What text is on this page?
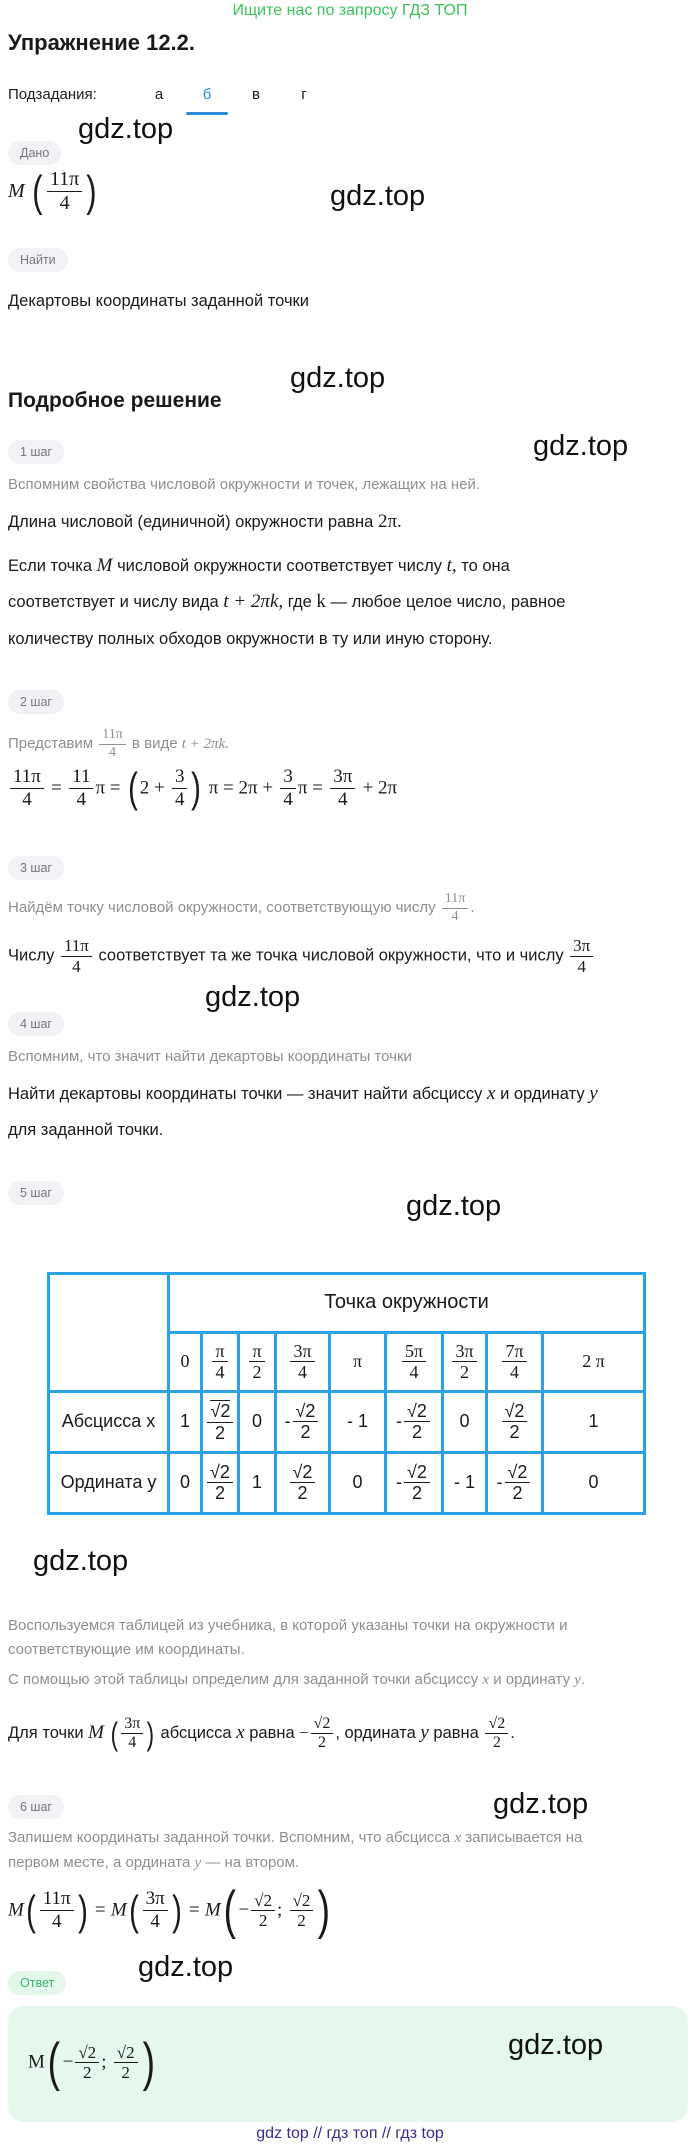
Ищите нас по запросу ГДЗ ТОП
Упражнение 12.2.
Подзадания:	а	б	в	г
Дано
M ( $\frac{11\pi}{4}$ )
Найти
Декартовы координаты заданной точки
Подробное решение
1 шаг
Вспомним свойства числовой окружности и точек, лежащих на ней.
Длина числовой (единичной) окружности равна 2π.
Если точка M числовой окружности соответствует числу t, то она
соответствует и числу вида t + 2πk, где k — любое целое число, равное
количеству полных обходов окружности в ту или иную сторону.
2 шаг
Представим $\frac{11\pi}{4}$ в виде t + 2πk.
$\frac{11\pi}{4} = \frac{11}{4}$ π = ( $2 + \frac{3}{4}$ ) $\pi = 2\pi + \frac{3}{4}$ $\pi = \frac{3\pi}{4} + 2\pi$
3 шаг
Найдём точку числовой окружности, соответствующую числу $\frac{11\pi}{4}$ .
Числу $\frac{11\pi}{4}$ соответствует та же точка числовой окружности, что и числу $\frac{3\pi}{4}$
4 шаг
Вспомним, что значит найти декартовы координаты точки
Найти декартовы координаты точки — значит найти абсциссу x и ординату y
для заданной точки.
5 шаг
	Точка окружности								
	0	$\frac{\pi}{4}$	$\frac{\pi}{2}$	$\frac{3\pi}{4}$	π	$\frac{5\pi}{4}$	$\frac{3\pi}{2}$	$\frac{7\pi}{4}$	2 π
Абсцисса x	1	$\frac{√2}{2}$	0	- $\frac{√2}{2}$	- 1	- $\frac{√2}{2}$	0	$\frac{√2}{2}$	1
Ордината y	0	$\frac{√2}{2}$	1	$\frac{√2}{2}$	0	- $\frac{√2}{2}$	- 1	- $\frac{√2}{2}$	0
Воспользуемся таблицей из учебника, в которой указаны точки на окружности и
соответствующие им координаты.
С помощью этой таблицы определим для заданной точки абсциссу x и ординату y.
Для точки M ( $\frac{3\pi}{4}$ ) абсцисса x равна − $\frac{√2}{2}$ , ордината y равна $\frac{√2}{2}$ .
6 шаг
Запишем координаты заданной точки. Вспомним, что абсцисса x записывается на
первом месте, а ордината y — на втором.
$M( \frac{11\pi}{4}$ ) = $M( \frac{3\pi}{4}$ ) = $M( - \frac{√2}{2}$ ; $\frac{√2}{2}$ )
Ответ
$M( - \frac{√2}{2}$ ; $\frac{√2}{2}$ )
gdz.top
gdz.top
gdz.top
gdz.top
gdz.top
gdz.top
gdz.top
gdz.top
gdz.top
gdz.top
gdz top // гдз топ // гдз top
